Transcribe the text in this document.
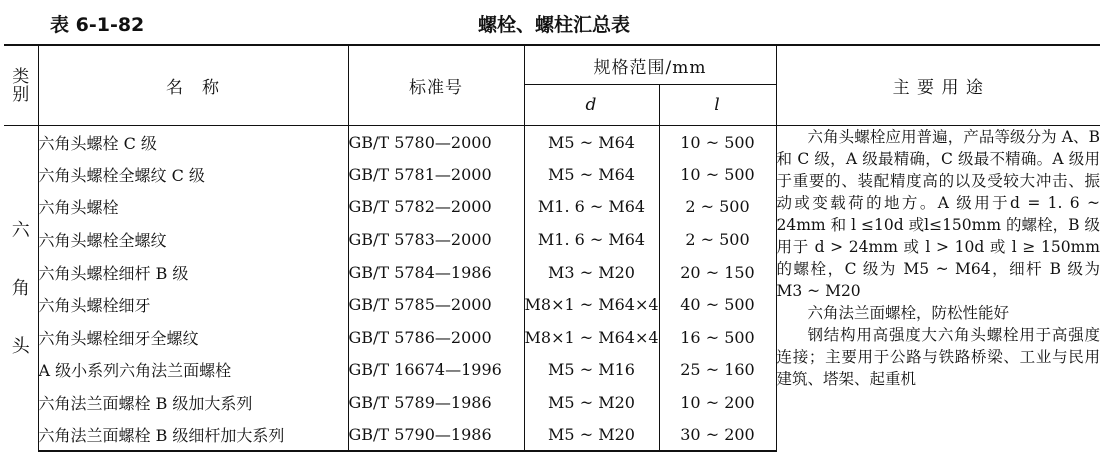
表 6-1-82	螺栓、螺柱汇总表
类别	名　称	标准号	规格范围/mm		主 要 用 途
			d	l	
六角头	六角头螺栓 C 级	GB/T 5780—2000	M5 ~ M64	10 ~ 500	六角头螺栓应用普遍，产品等级分为 A、B 和 C 级，A 级最精确，C 级最不精确。A 级用于重要的、装配精度高的以及受较大冲击、振动或变载荷的地方。A 级用于d = 1. 6 ~ 24mm 和 l ≤10d 或l≤150mm 的螺栓，B 级用于 d > 24mm 或 l > 10d 或 l ≥ 150mm 的螺栓，C 级为 M5 ~ M64，细杆 B 级为 M3 ~ M20

六角法兰面螺栓，防松性能好

钢结构用高强度大六角头螺栓用于高强度连接；主要用于公路与铁路桥梁、工业与民用建筑、塔架、起重机

	六角头螺栓全螺纹 C 级	GB/T 5781—2000	M5 ~ M64	10 ~ 500	
	六角头螺栓	GB/T 5782—2000	M1. 6 ~ M64	2 ~ 500	
	六角头螺栓全螺纹	GB/T 5783—2000	M1. 6 ~ M64	2 ~ 500	
	六角头螺栓细杆 B 级	GB/T 5784—1986	M3 ~ M20	20 ~ 150	
	六角头螺栓细牙	GB/T 5785—2000	M8×1 ~ M64×4	40 ~ 500	
	六角头螺栓细牙全螺纹	GB/T 5786—2000	M8×1 ~ M64×4	16 ~ 500	
	A 级小系列六角法兰面螺栓	GB/T 16674—1996	M5 ~ M16	25 ~ 160	
	六角法兰面螺栓 B 级加大系列	GB/T 5789—1986	M5 ~ M20	10 ~ 200	
	六角法兰面螺栓 B 级细杆加大系列	GB/T 5790—1986	M5 ~ M20	30 ~ 200	
